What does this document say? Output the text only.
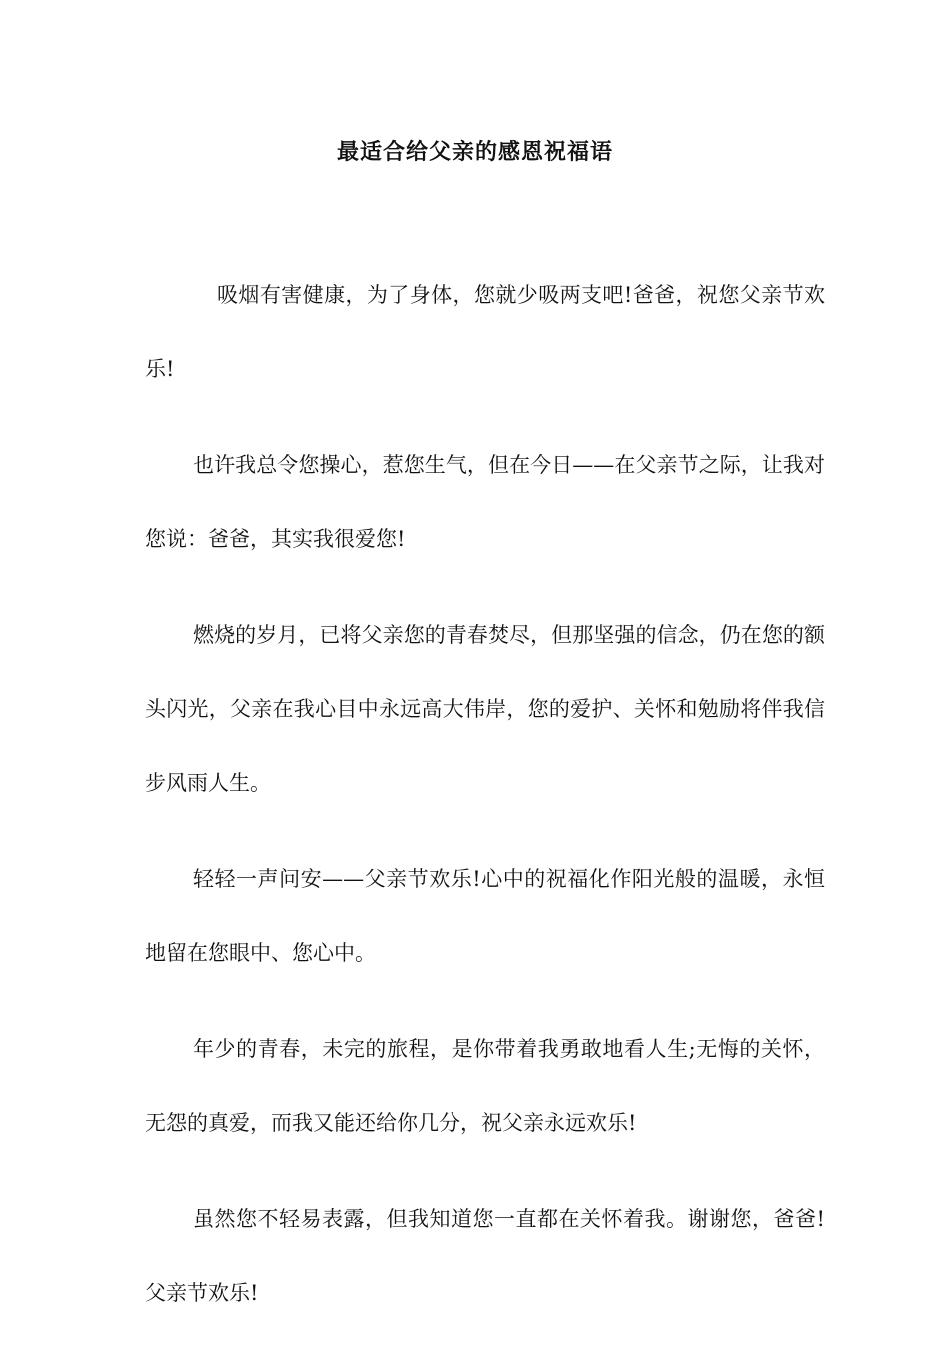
最适合给父亲的感恩祝福语

吸烟有害健康，为了身体，您就少吸两支吧!爸爸，祝您父亲节欢乐!

也许我总令您操心，惹您生气，但在今日——在父亲节之际，让我对您说：爸爸，其实我很爱您!

燃烧的岁月，已将父亲您的青春焚尽，但那坚强的信念，仍在您的额头闪光，父亲在我心目中永远高大伟岸，您的爱护、关怀和勉励将伴我信步风雨人生。

轻轻一声问安——父亲节欢乐!心中的祝福化作阳光般的温暖，永恒地留在您眼中、您心中。

年少的青春，未完的旅程，是你带着我勇敢地看人生;无悔的关怀，无怨的真爱，而我又能还给你几分，祝父亲永远欢乐!

虽然您不轻易表露，但我知道您一直都在关怀着我。谢谢您，爸爸!父亲节欢乐!
